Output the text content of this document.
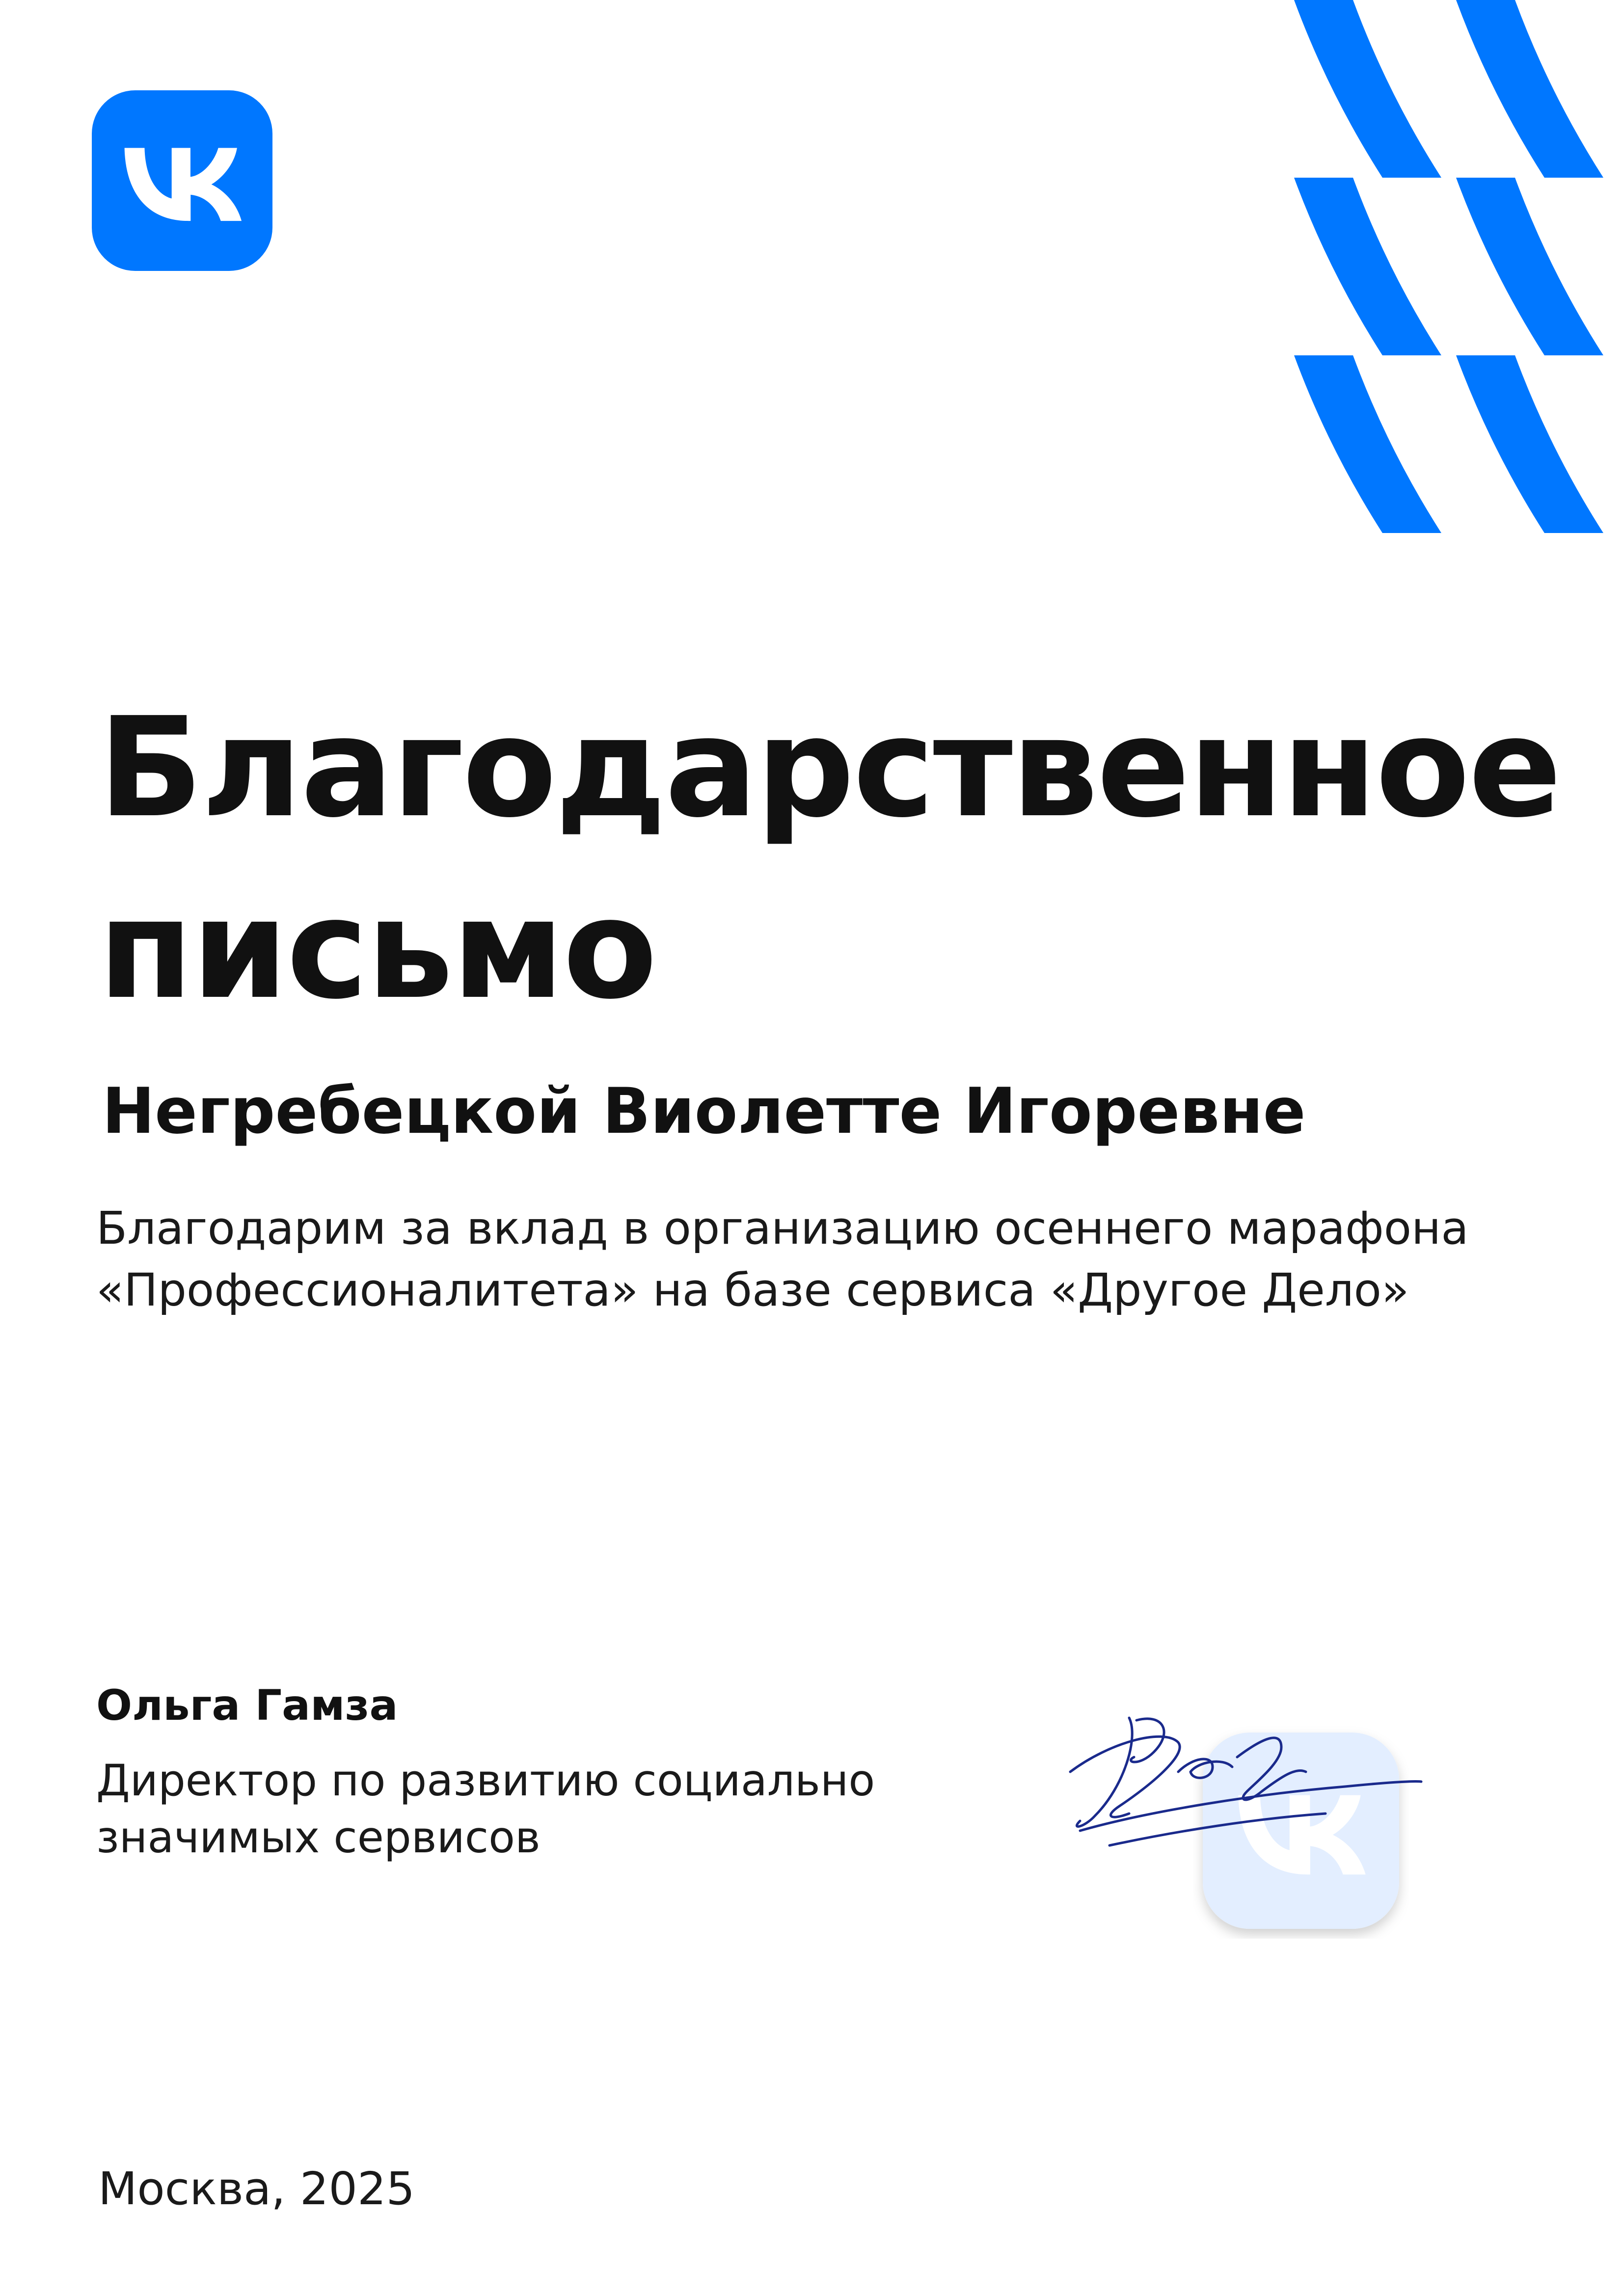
Благодарственное
письмо

Негребецкой Виолетте Игоревне

Благодарим за вклад в организацию осеннего марафона
«Профессионалитета» на базе сервиса «Другое Дело»

Ольга Гамза

Директор по развитию социально
значимых сервисов

Москва, 2025
